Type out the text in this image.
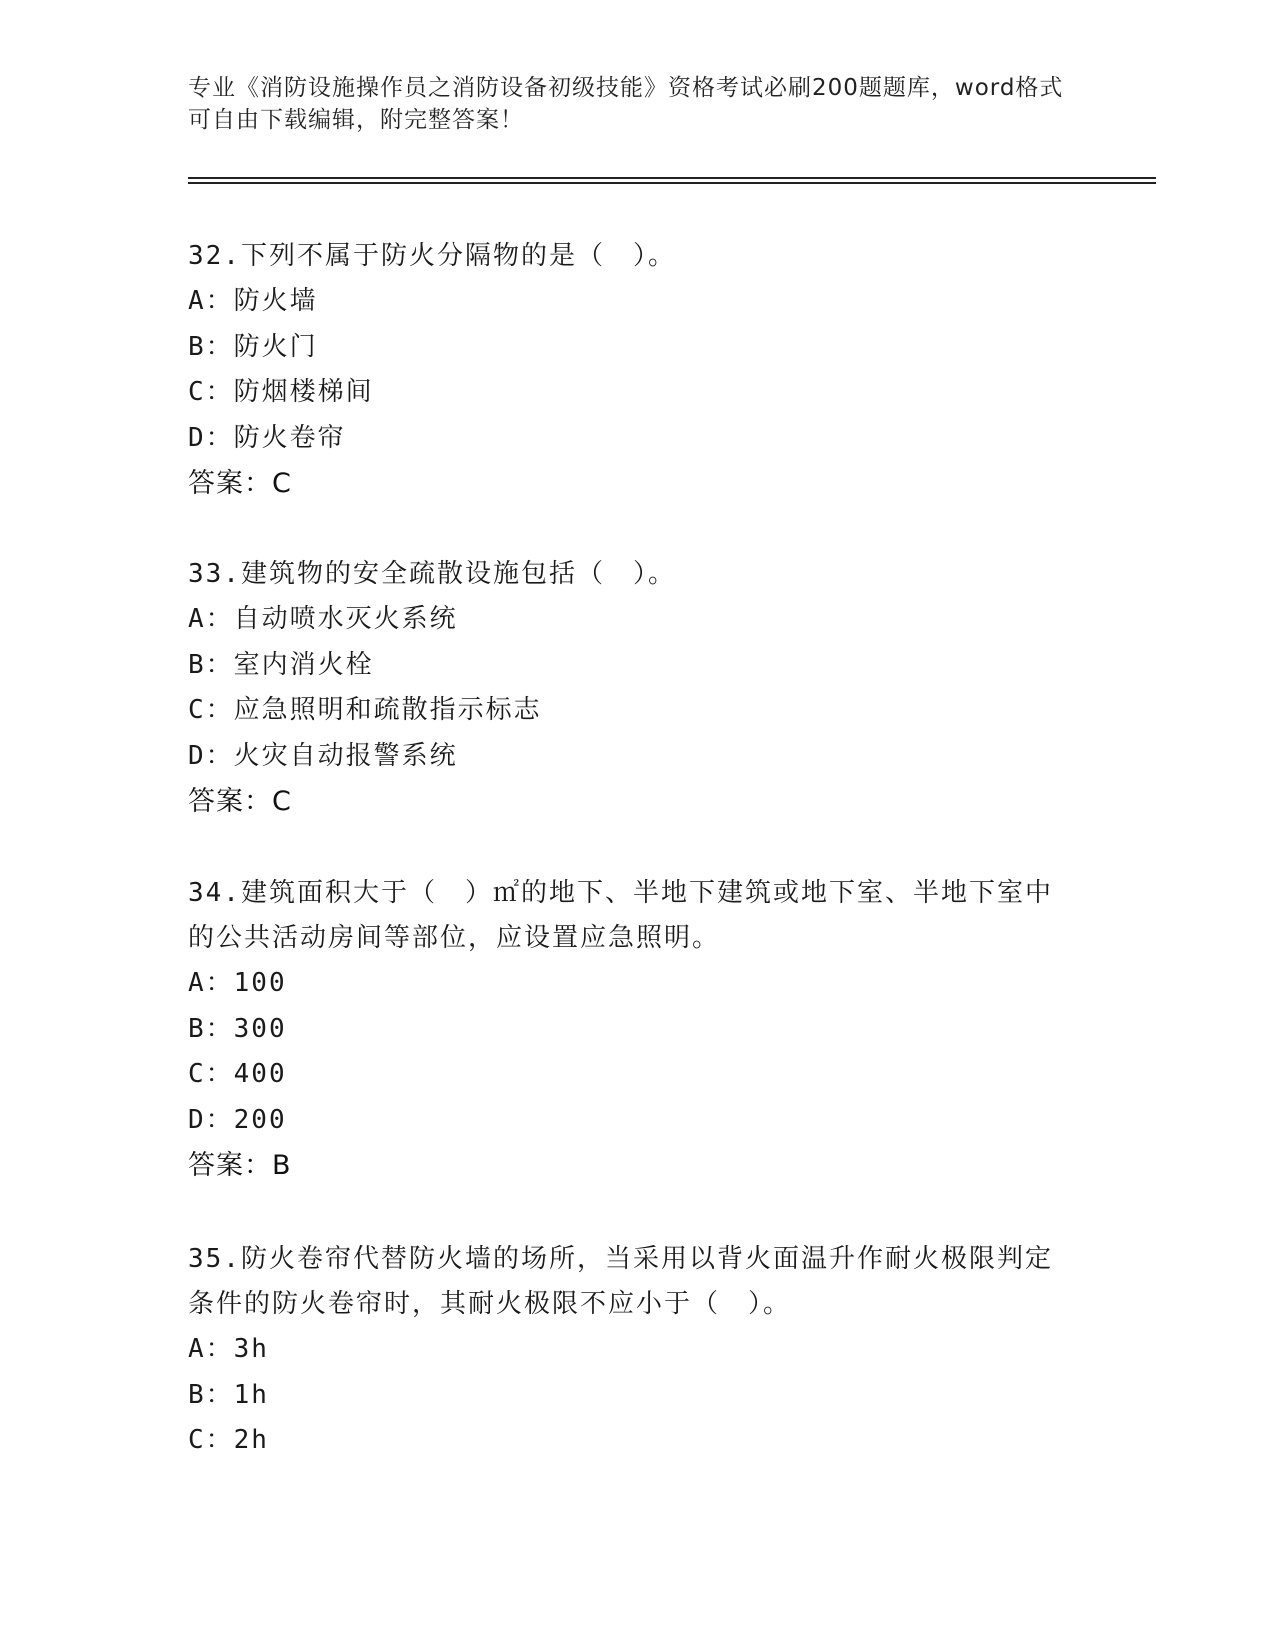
专业《消防设施操作员之消防设备初级技能》资格考试必刷200题题库，word格式可自由下载编辑，附完整答案！

32.下列不属于防火分隔物的是（　）。

A：防火墙

B：防火门

C：防烟楼梯间

D：防火卷帘

答案：C

33.建筑物的安全疏散设施包括（　）。

A：自动喷水灭火系统

B：室内消火栓

C：应急照明和疏散指示标志

D：火灾自动报警系统

答案：C

34.建筑面积大于（　）㎡的地下、半地下建筑或地下室、半地下室中的公共活动房间等部位，应设置应急照明。

A：100

B：300

C：400

D：200

答案：B

35.防火卷帘代替防火墙的场所，当采用以背火面温升作耐火极限判定条件的防火卷帘时，其耐火极限不应小于（　）。

A：3h

B：1h

C：2h
